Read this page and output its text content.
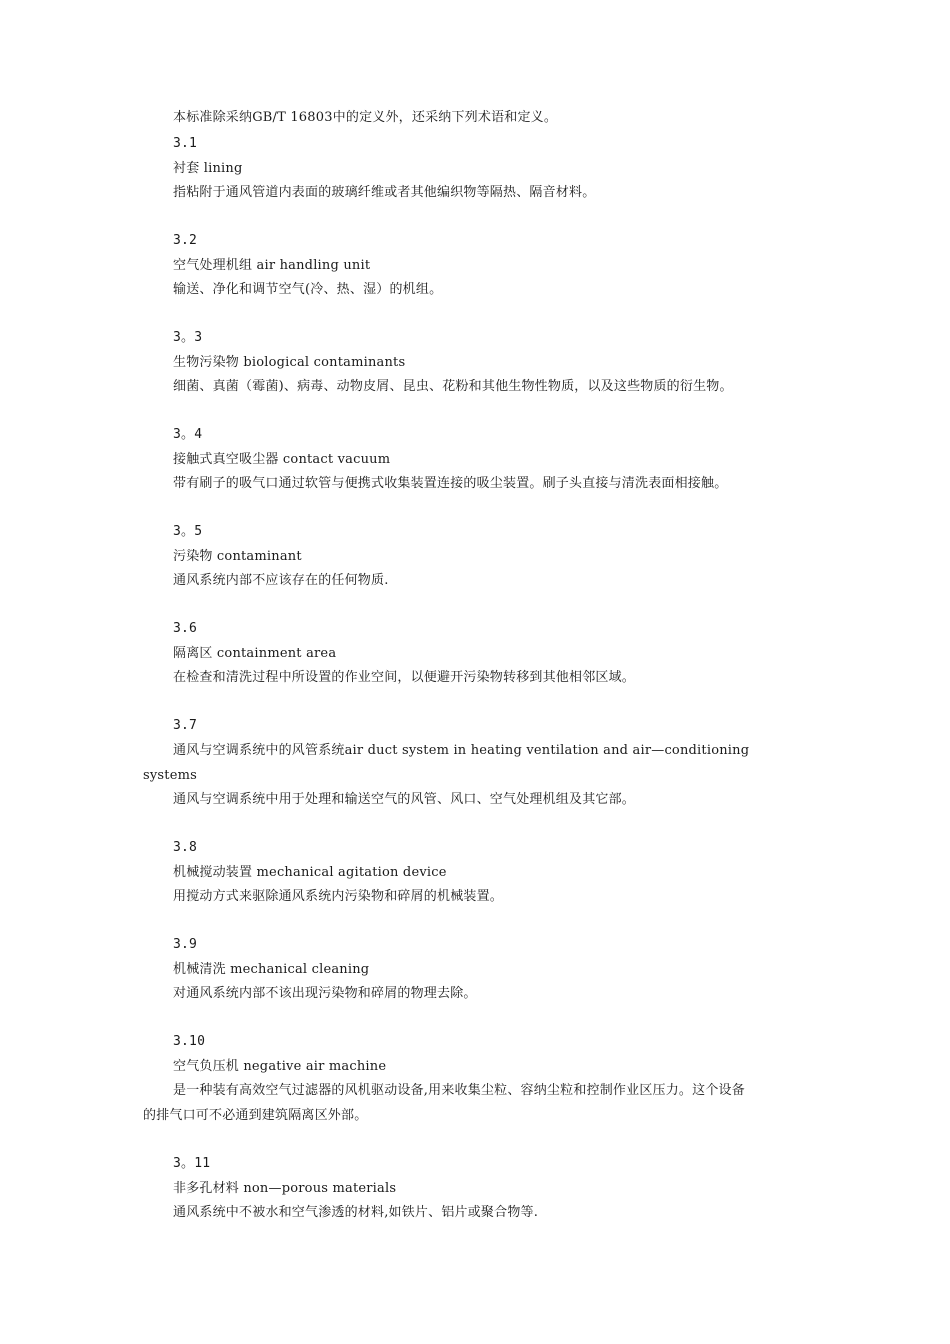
本标准除采纳GB/T 16803中的定义外，还采纳下列术语和定义。
3.1
衬套 lining
指粘附于通风管道内表面的玻璃纤维或者其他编织物等隔热、隔音材料。
3.2
空气处理机组 air handling unit
输送、净化和调节空气(冷、热、湿）的机组。
3。3
生物污染物 biological contaminants
细菌、真菌（霉菌)、病毒、动物皮屑、昆虫、花粉和其他生物性物质，以及这些物质的衍生物。
3。4
接触式真空吸尘器 contact vacuum
带有刷子的吸气口通过软管与便携式收集装置连接的吸尘装置。刷子头直接与清洗表面相接触。
3。5
污染物 contaminant
通风系统内部不应该存在的任何物质.
3.6
隔离区 containment area
在检查和清洗过程中所设置的作业空间，以便避开污染物转移到其他相邻区域。
3.7
通风与空调系统中的风管系统air duct system in heating ventilation and air—conditioning
systems
通风与空调系统中用于处理和输送空气的风管、风口、空气处理机组及其它部。
3.8
机械搅动装置 mechanical agitation device
用搅动方式来驱除通风系统内污染物和碎屑的机械装置。
3.9
机械清洗 mechanical cleaning
对通风系统内部不该出现污染物和碎屑的物理去除。
3.10
空气负压机 negative air machine
是一种装有高效空气过滤器的风机驱动设备,用来收集尘粒、容纳尘粒和控制作业区压力。这个设备
的排气口可不必通到建筑隔离区外部。
3。11
非多孔材料 non—porous materials
通风系统中不被水和空气渗透的材料,如铁片、铝片或聚合物等.
